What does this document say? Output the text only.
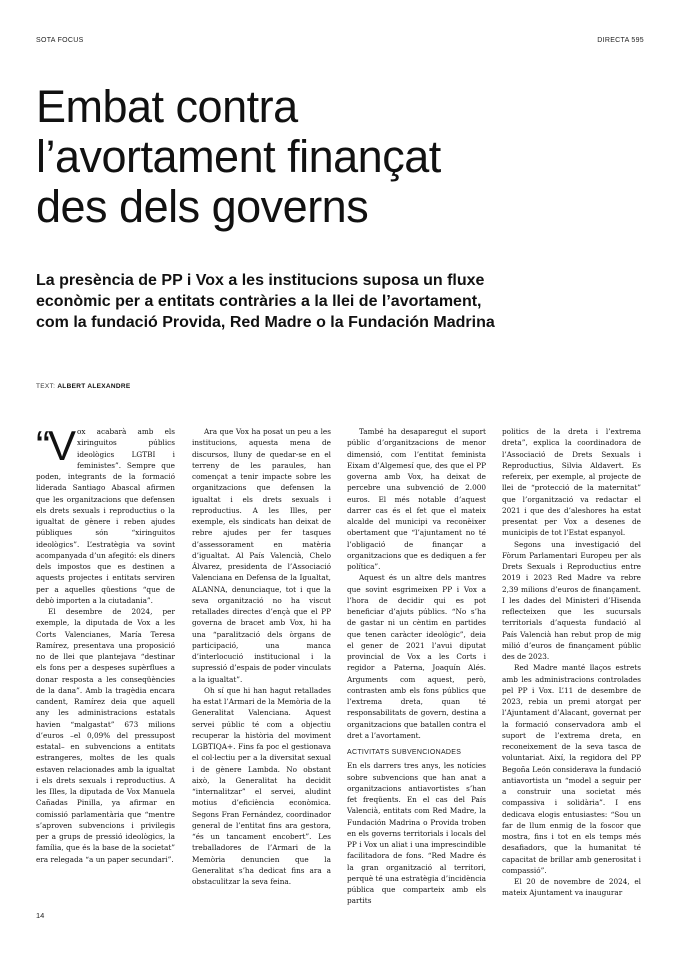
SOTA FOCUS	DIRECTA 595
Embat contra
l’avortament finançat
des dels governs
La presència de PP i Vox a les institucions suposa un fluxe
econòmic per a entitats contràries a la llei de l’avortament,
com la fundació Provida, Red Madre o la Fundación Madrina
TEXT: ALBERT ALEXANDRE
“V ox acabarà amb els xiringuitos públics ideològics LGTBI i feministes”. Sempre que poden, integrants de la formació liderada Santiago Abascal afirmen que les organitzacions que defensen els drets sexuals i reproductius o la igualtat de gènere i reben ajudes públiques són “xiringuitos ideològics”. L’estratègia va sovint acompanyada d’un afegitó: els diners dels impostos que es destinen a aquests projectes i entitats serviren per a aquelles qüestions “que de debò importen a la ciutadania”.

El desembre de 2024, per exemple, la diputada de Vox a les Corts Valencianes, María Teresa Ramírez, presentava una proposició no de llei que plantejava “destinar els fons per a despeses supèrflues a donar resposta a les conseqüències de la dana”. Amb la tragèdia encara candent, Ramírez deia que aquell any les administracions estatals havien “malgastat” 673 milions d’euros –el 0,09% del pressupost estatal– en subvencions a entitats estrangeres, moltes de les quals estaven relacionades amb la igualtat i els drets sexuals i reproductius. A les Illes, la diputada de Vox Manuela Cañadas Pinilla, ya afirmar en comissió parlamentària que “mentre s’aproven subvencions i privilegis per a grups de pressió ideològics, la família, que és la base de la societat” era relegada “a un paper secundari”.

Ara que Vox ha posat un peu a les institucions, aquesta mena de discursos, lluny de quedar-se en el terreny de les paraules, han començat a tenir impacte sobre les organitzacions que defensen la igualtat i els drets sexuals i reproductius. A les Illes, per exemple, els sindicats han deixat de rebre ajudes per fer tasques d’assessorament en matèria d’igualtat. Al País Valencià, Chelo Álvarez, presidenta de l’Associació Valenciana en Defensa de la Igualtat, ALANNA, denunciaque, tot i que la seva organització no ha viscut retallades directes d’ençà que el PP governa de bracet amb Vox, hi ha una “paralització dels òrgans de participació, una manca d’interlocució institucional i la supressió d’espais de poder vinculats a la igualtat”.

Oh sí que hi han hagut retallades ha estat l’Armari de la Memòria de la Generalitat Valenciana. Aquest servei públic té com a objectiu recuperar la història del moviment LGBTIQA+. Fins fa poc el gestionava el col·lectiu per a la diversitat sexual i de gènere Lambda. No obstant això, la Generalitat ha decidit “internalitzar” el servei, aludint motius d’eficiència econòmica. Segons Fran Fernández, coordinador general de l’entitat fins ara gestora, “és un tancament encobert”. Les treballadores de l’Armari de la Memòria denuncien que la Generalitat s’ha dedicat fins ara a obstaculitzar la seva feina.

També ha desaparegut el suport públic d’organitzacions de menor dimensió, com l’entitat feminista Eixam d’Algemesí que, des que el PP governa amb Vox, ha deixat de percebre una subvenció de 2.000 euros. El més notable d’aquest darrer cas és el fet que el mateix alcalde del municipi va reconèixer obertament que “l’ajuntament no té l’obligació de finançar a organitzacions que es dediquen a fer política”.

Aquest és un altre dels mantres que sovint esgrimeixen PP i Vox a l’hora de decidir qui es pot beneficiar d’ajuts públics. “No s’ha de gastar ni un cèntim en partides que tenen caràcter ideològic”, deia el gener de 2021 l’avui diputat provincial de Vox a les Corts i regidor a Paterna, Joaquín Alés. Arguments com aquest, però, contrasten amb els fons públics que l’extrema dreta, quan té responsabilitats de govern, destina a organitzacions que batallen contra el dret a l’avortament.

ACTIVITATS SUBVENCIONADES

En els darrers tres anys, les notícies sobre subvencions que han anat a organitzacions antiavortistes s’han fet freqüents. En el cas del País Valencià, entitats com Red Madre, la Fundación Madrina o Provida troben en els governs territorials i locals del PP i Vox un aliat i una imprescindible facilitadora de fons. “Red Madre és la gran organització al territori, perquè té una estratègia d’incidència pública que comparteix amb els partits

politics de la dreta i l’extrema dreta”, explica la coordinadora de l’Associació de Drets Sexuals i Reproductius, Silvia Aldavert. Es refereix, per exemple, al projecte de llei de “protecció de la maternitat” que l’organització va redactar el 2021 i que des d’aleshores ha estat presentat per Vox a desenes de municipis de tot l’Estat espanyol.

Segons una investigació del Fòrum Parlamentari Europeu per als Drets Sexuals i Reproductius entre 2019 i 2023 Red Madre va rebre 2,39 milions d’euros de finançament. I les dades del Ministeri d’Hisenda reflecteixen que les sucursals territorials d’aquesta fundació al País Valencià han rebut prop de mig milió d’euros de finançament públic des de 2023.

Red Madre manté llaços estrets amb les administracions controlades pel PP i Vox. L’11 de desembre de 2023, rebia un premi atorgat per l’Ajuntament d’Alacant, governat per la formació conservadora amb el suport de l’extrema dreta, en reconeixement de la seva tasca de voluntariat. Així, la regidora del PP Begoña León considerava la fundació antiavortista un “model a seguir per a construir una societat més compassiva i solidària”. I ens dedicava elogis entusiastes: “Sou un far de llum enmig de la foscor que mostra, fins i tot en els temps més desafiadors, que la humanitat té capacitat de brillar amb generositat i compassió”.

El 20 de novembre de 2024, el mateix Ajuntament va inaugurar

14
